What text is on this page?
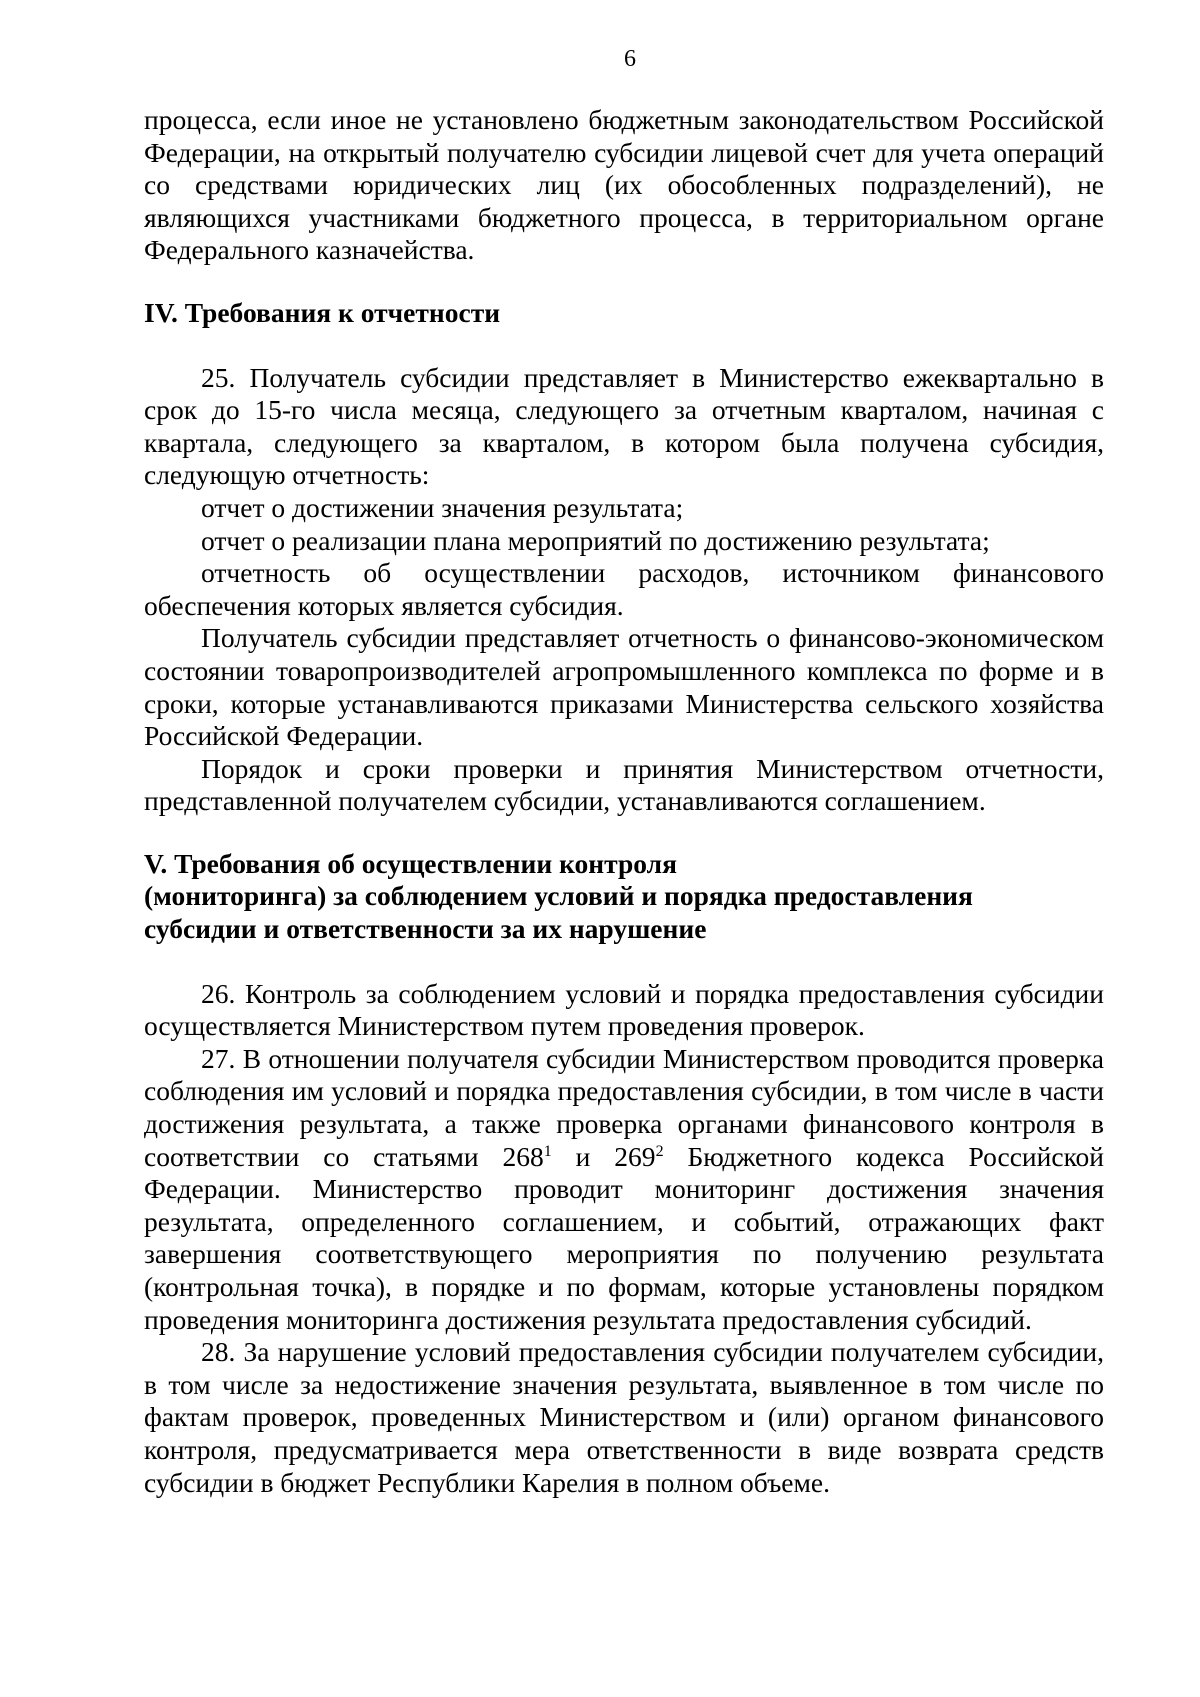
6

процесса, если иное не установлено бюджетным законодательством Российской Федерации, на открытый получателю субсидии лицевой счет для учета операций со средствами юридических лиц (их обособленных подразделений), не являющихся участниками бюджетного процесса, в территориальном органе Федерального казначейства.

IV. Требования к отчетности

25. Получатель субсидии представляет в Министерство ежеквартально в срок до 15-го числа месяца, следующего за отчетным кварталом, начиная с квартала, следующего за кварталом, в котором была получена субсидия, следующую отчетность:

отчет о достижении значения результата;

отчет о реализации плана мероприятий по достижению результата;

отчетность об осуществлении расходов, источником финансового обеспечения которых является субсидия.

Получатель субсидии представляет отчетность о финансово-экономическом состоянии товаропроизводителей агропромышленного комплекса по форме и в сроки, которые устанавливаются приказами Министерства сельского хозяйства Российской Федерации.

Порядок и сроки проверки и принятия Министерством отчетности, представленной получателем субсидии, устанавливаются соглашением.

V. Требования об осуществлении контроля

(мониторинга) за соблюдением условий и порядка предоставления

субсидии и ответственности за их нарушение

26. Контроль за соблюдением условий и порядка предоставления субсидии осуществляется Министерством путем проведения проверок.

27. В отношении получателя субсидии Министерством проводится проверка соблюдения им условий и порядка предоставления субсидии, в том числе в части достижения результата, а также проверка органами финансового контроля в соответствии со статьями $268^1$ и $269^2$ Бюджетного кодекса Российской Федерации. Министерство проводит мониторинг достижения значения результата, определенного соглашением, и событий, отражающих факт завершения соответствующего мероприятия по получению результата (контрольная точка), в порядке и по формам, которые установлены порядком проведения мониторинга достижения результата предоставления субсидий.

28. За нарушение условий предоставления субсидии получателем субсидии, в том числе за недостижение значения результата, выявленное в том числе по фактам проверок, проведенных Министерством и (или) органом финансового контроля, предусматривается мера ответственности в виде возврата средств субсидии в бюджет Республики Карелия в полном объеме.
